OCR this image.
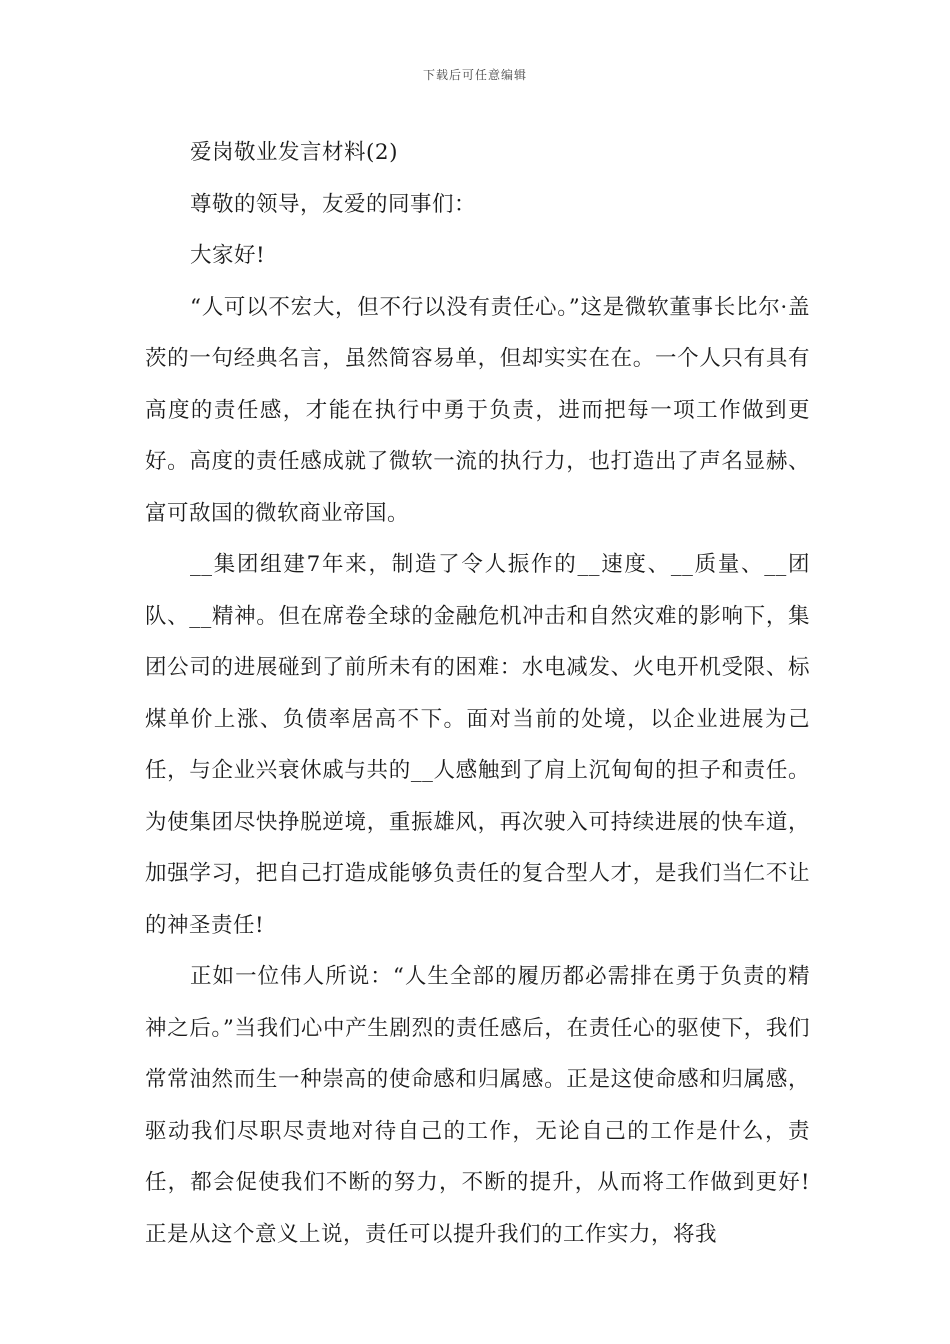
下载后可任意编辑

爱岗敬业发言材料(2)

尊敬的领导，友爱的同事们：

大家好!

“人可以不宏大，但不行以没有责任心。”这是微软董事长比尔·盖茨的一句经典名言，虽然简容易单，但却实实在在。一个人只有具有高度的责任感，才能在执行中勇于负责，进而把每一项工作做到更好。高度的责任感成就了微软一流的执行力，也打造出了声名显赫、富可敌国的微软商业帝国。

__集团组建7年来，制造了令人振作的__速度、__质量、__团队、__精神。但在席卷全球的金融危机冲击和自然灾难的影响下，集团公司的进展碰到了前所未有的困难：水电减发、火电开机受限、标煤单价上涨、负债率居高不下。面对当前的处境，以企业进展为己任，与企业兴衰休戚与共的__人感触到了肩上沉甸甸的担子和责任。为使集团尽快挣脱逆境，重振雄风，再次驶入可持续进展的快车道，加强学习，把自己打造成能够负责任的复合型人才，是我们当仁不让的神圣责任!

正如一位伟人所说：“人生全部的履历都必需排在勇于负责的精神之后。”当我们心中产生剧烈的责任感后，在责任心的驱使下，我们常常油然而生一种崇高的使命感和归属感。正是这使命感和归属感，驱动我们尽职尽责地对待自己的工作，无论自己的工作是什么，责任，都会促使我们不断的努力，不断的提升，从而将工作做到更好!正是从这个意义上说，责任可以提升我们的工作实力，将我
